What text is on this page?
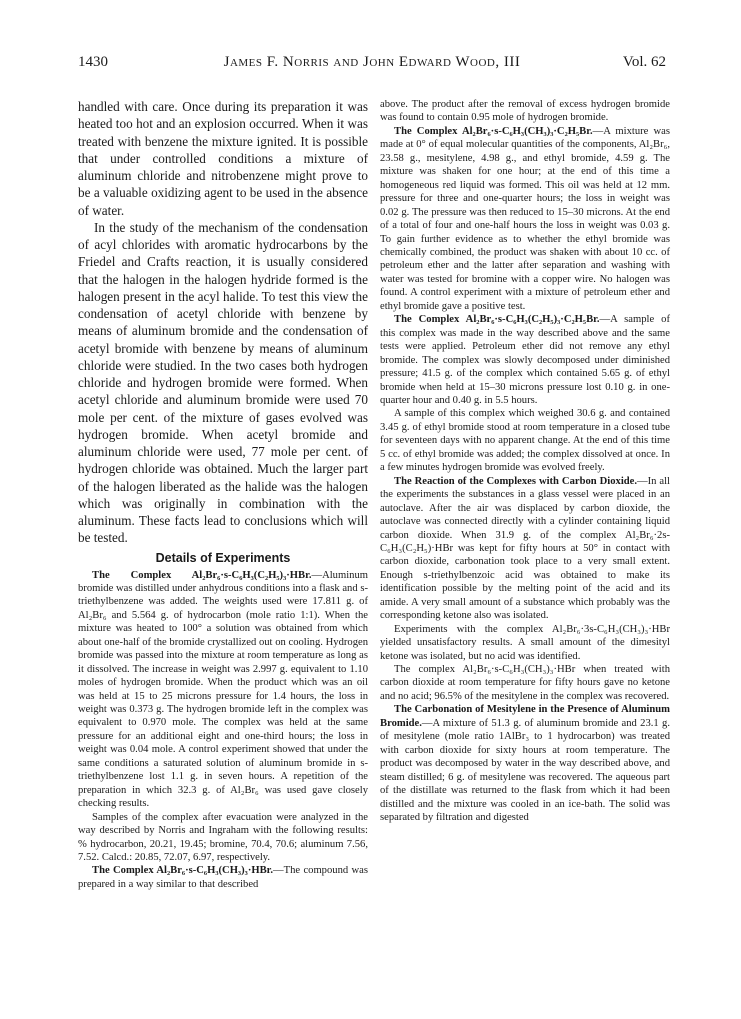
1430	James F. Norris and John Edward Wood, III	Vol. 62

handled with care. Once during its preparation it was heated too hot and an explosion occurred. When it was treated with benzene the mixture ignited. It is possible that under controlled conditions a mixture of aluminum chloride and nitrobenzene might prove to be a valuable oxidizing agent to be used in the absence of water.

In the study of the mechanism of the condensation of acyl chlorides with aromatic hydrocarbons by the Friedel and Crafts reaction, it is usually considered that the halogen in the halogen hydride formed is the halogen present in the acyl halide. To test this view the condensation of acetyl chloride with benzene by means of aluminum bromide and the condensation of acetyl bromide with benzene by means of aluminum chloride were studied. In the two cases both hydrogen chloride and hydrogen bromide were formed. When acetyl chloride and aluminum bromide were used 70 mole per cent. of the mixture of gases evolved was hydrogen bromide. When acetyl bromide and aluminum chloride were used, 77 mole per cent. of hydrogen chloride was obtained. Much the larger part of the halogen liberated as the halide was the halogen which was originally in combination with the aluminum. These facts lead to conclusions which will be tested.

Details of Experiments

The Complex Al₂Br₆·s-C₆H₃(C₂H₅)₃·HBr.—Aluminum bromide was distilled under anhydrous conditions into a flask and s-triethylbenzene was added. The weights used were 17.811 g. of Al₂Br₆ and 5.564 g. of hydrocarbon (mole ratio 1:1). When the mixture was heated to 100° a solution was obtained from which about one-half of the bromide crystallized out on cooling. Hydrogen bromide was passed into the mixture at room temperature as long as it dissolved. The increase in weight was 2.997 g. equivalent to 1.10 moles of hydrogen bromide. When the product which was an oil was held at 15 to 25 microns pressure for 1.4 hours, the loss in weight was 0.373 g. The hydrogen bromide left in the complex was equivalent to 0.970 mole. The complex was held at the same pressure for an additional eight and one-third hours; the loss in weight was 0.04 mole. A control experiment showed that under the same conditions a saturated solution of aluminum bromide in s-triethylbenzene lost 1.1 g. in seven hours. A repetition of the preparation in which 32.3 g. of Al₂Br₆ was used gave closely checking results.

Samples of the complex after evacuation were analyzed in the way described by Norris and Ingraham with the following results: % hydrocarbon, 20.21, 19.45; bromine, 70.4, 70.6; aluminum 7.56, 7.52. Calcd.: 20.85, 72.07, 6.97, respectively.

The Complex Al₂Br₆·s-C₆H₃(CH₃)₃·HBr.—The compound was prepared in a way similar to that described

above. The product after the removal of excess hydrogen bromide was found to contain 0.95 mole of hydrogen bromide.

The Complex Al₂Br₆·s-C₆H₃(CH₃)₃·C₂H₅Br.—A mixture was made at 0° of equal molecular quantities of the components, Al₂Br₆, 23.58 g., mesitylene, 4.98 g., and ethyl bromide, 4.59 g. The mixture was shaken for one hour; at the end of this time a homogeneous red liquid was formed. This oil was held at 12 mm. pressure for three and one-quarter hours; the loss in weight was 0.02 g. The pressure was then reduced to 15–30 microns. At the end of a total of four and one-half hours the loss in weight was 0.03 g. To gain further evidence as to whether the ethyl bromide was chemically combined, the product was shaken with about 10 cc. of petroleum ether and the latter after separation and washing with water was tested for bromine with a copper wire. No halogen was found. A control experiment with a mixture of petroleum ether and ethyl bromide gave a positive test.

The Complex Al₂Br₆·s-C₆H₃(C₂H₅)₃·C₂H₅Br.—A sample of this complex was made in the way described above and the same tests were applied. Petroleum ether did not remove any ethyl bromide. The complex was slowly decomposed under diminished pressure; 41.5 g. of the complex which contained 5.65 g. of ethyl bromide when held at 15–30 microns pressure lost 0.10 g. in one-quarter hour and 0.40 g. in 5.5 hours.

A sample of this complex which weighed 30.6 g. and contained 3.45 g. of ethyl bromide stood at room temperature in a closed tube for seventeen days with no apparent change. At the end of this time 5 cc. of ethyl bromide was added; the complex dissolved at once. In a few minutes hydrogen bromide was evolved freely.

The Reaction of the Complexes with Carbon Dioxide.—In all the experiments the substances in a glass vessel were placed in an autoclave. After the air was displaced by carbon dioxide, the autoclave was connected directly with a cylinder containing liquid carbon dioxide. When 31.9 g. of the complex Al₂Br₆·2s-C₆H₃(C₂H₅)·HBr was kept for fifty hours at 50° in contact with carbon dioxide, carbonation took place to a very small extent. Enough s-triethylbenzoic acid was obtained to make its identification possible by the melting point of the acid and its amide. A very small amount of a substance which probably was the corresponding ketone also was isolated.

Experiments with the complex Al₂Br₆·3s-C₆H₃(CH₃)₃·HBr yielded unsatisfactory results. A small amount of the dimesityl ketone was isolated, but no acid was identified.

The complex Al₂Br₆·s-C₆H₃(CH₃)₃·HBr when treated with carbon dioxide at room temperature for fifty hours gave no ketone and no acid; 96.5% of the mesitylene in the complex was recovered.

The Carbonation of Mesitylene in the Presence of Aluminum Bromide.—A mixture of 51.3 g. of aluminum bromide and 23.1 g. of mesitylene (mole ratio 1AlBr₃ to 1 hydrocarbon) was treated with carbon dioxide for sixty hours at room temperature. The product was decomposed by water in the way described above, and steam distilled; 6 g. of mesitylene was recovered. The aqueous part of the distillate was returned to the flask from which it had been distilled and the mixture was cooled in an ice-bath. The solid was separated by filtration and digested
